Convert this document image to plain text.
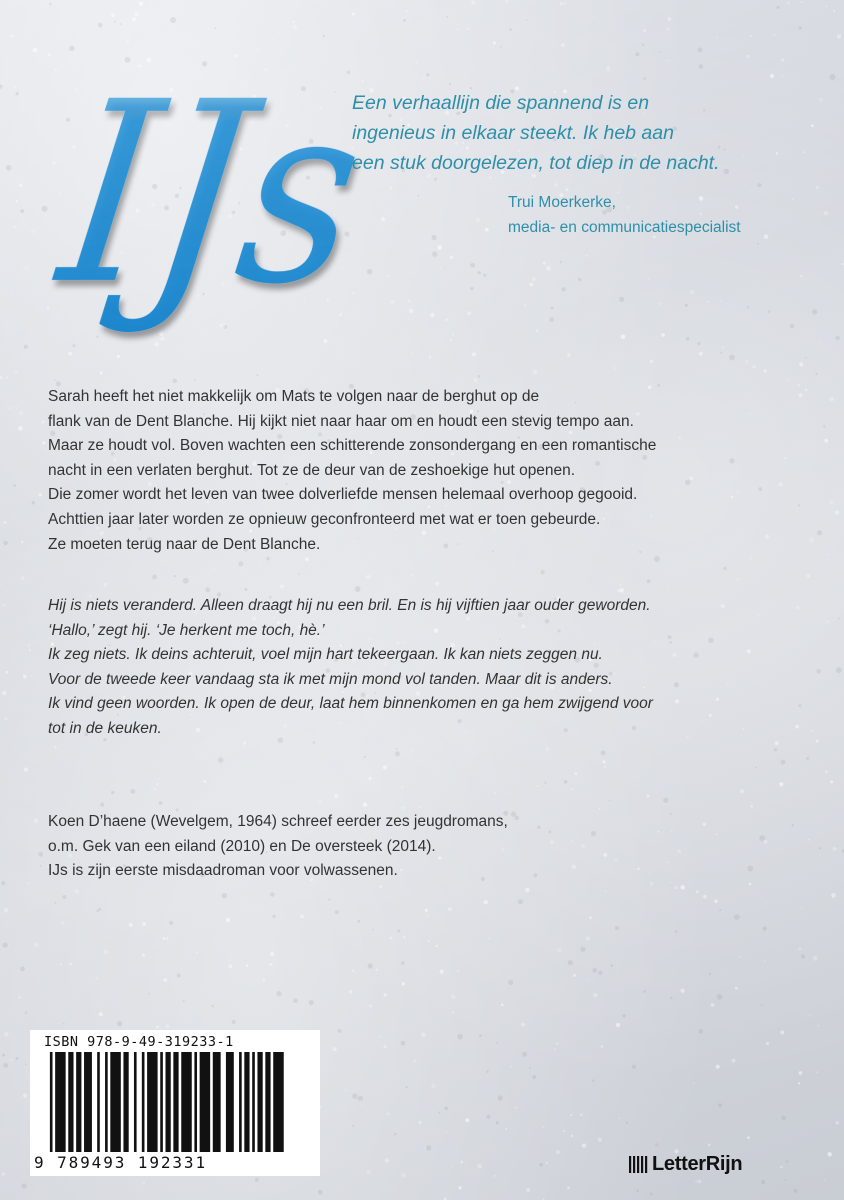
IJs

Een verhaallijn die spannend is en
ingenieus in elkaar steekt. Ik heb aan
een stuk doorgelezen, tot diep in de nacht.

Trui Moerkerke,
media- en communicatiespecialist

Sarah heeft het niet makkelijk om Mats te volgen naar de berghut op de
flank van de Dent Blanche. Hij kijkt niet naar haar om en houdt een stevig tempo aan.
Maar ze houdt vol. Boven wachten een schitterende zonsondergang en een romantische
nacht in een verlaten berghut. Tot ze de deur van de zeshoekige hut openen.
Die zomer wordt het leven van twee dolverliefde mensen helemaal overhoop gegooid.
Achttien jaar later worden ze opnieuw geconfronteerd met wat er toen gebeurde.
Ze moeten terug naar de Dent Blanche.

Hij is niets veranderd. Alleen draagt hij nu een bril. En is hij vijftien jaar ouder geworden.
‘Hallo,’ zegt hij. ‘Je herkent me toch, hè.’
Ik zeg niets. Ik deins achteruit, voel mijn hart tekeergaan. Ik kan niets zeggen nu.
Voor de tweede keer vandaag sta ik met mijn mond vol tanden. Maar dit is anders.
Ik vind geen woorden. Ik open de deur, laat hem binnenkomen en ga hem zwijgend voor
tot in de keuken.

Koen D’haene (Wevelgem, 1964) schreef eerder zes jeugdromans,
o.m. Gek van een eiland (2010) en De oversteek (2014).
IJs is zijn eerste misdaadroman voor volwassenen.

ISBN 978-9-49-319233-1
9 789493 192331	LetterRijn
